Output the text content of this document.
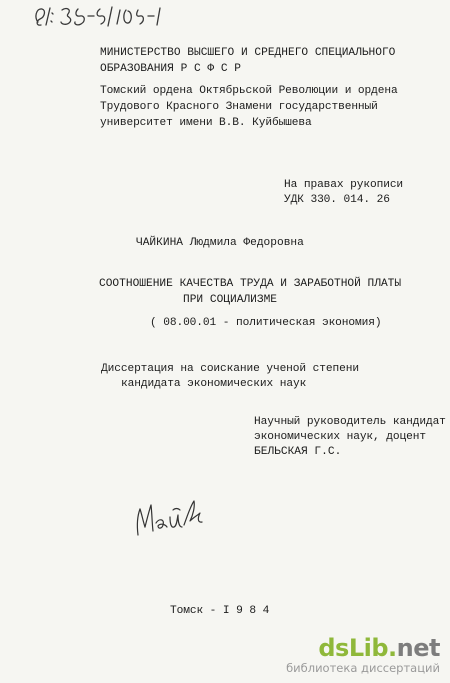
МИНИСТЕРСТВО ВЫСШЕГО И СРЕДНЕГО СПЕЦИАЛЬНОГО
ОБРАЗОВАНИЯ Р С Ф С Р
Томский ордена Октябрьской Революции и ордена
Трудового Красного Знамени государственный
университет имени В.В. Куйбышева
На правах рукописи
УДК 330. 014. 26
ЧАЙКИНА Людмила Федоровна
СООТНОШЕНИЕ КАЧЕСТВА ТРУДА И ЗАРАБОТНОЙ ПЛАТЫ
ПРИ СОЦИАЛИЗМЕ
( 08.00.01 - политическая экономия)
Диссертация на соискание ученой степени
кандидата экономических наук
Научный руководитель кандидат
экономических наук, доцент
БЕЛЬСКАЯ Г.С.
Томск - I 9 8 4
dsLib.net
библиотека диссертаций
